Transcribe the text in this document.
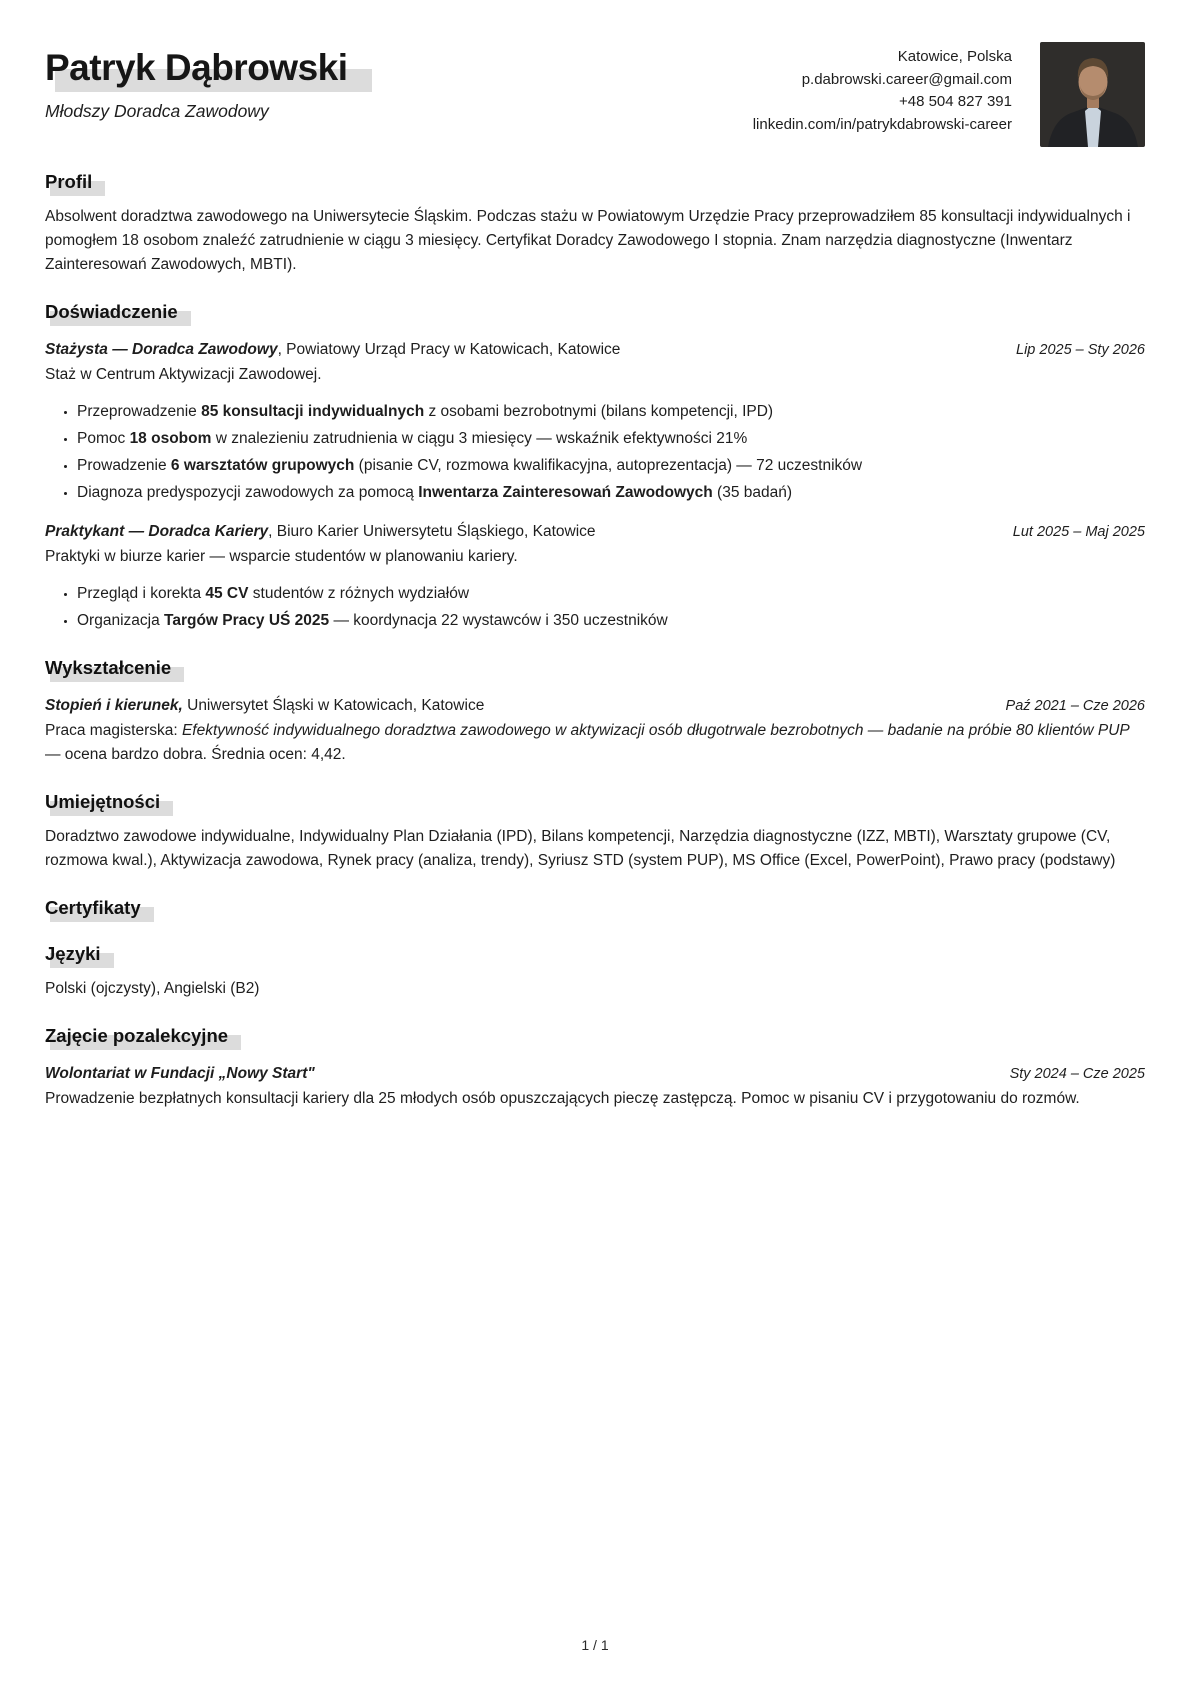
Patryk Dąbrowski
Młodszy Doradca Zawodowy
Katowice, Polska
p.dabrowski.career@gmail.com
+48 504 827 391
linkedin.com/in/patrykdabrowski-career
Profil

Absolwent doradztwa zawodowego na Uniwersytecie Śląskim. Podczas stażu w Powiatowym Urzędzie Pracy przeprowadziłem 85 konsultacji indywidualnych i pomogłem 18 osobom znaleźć zatrudnienie w ciągu 3 miesięcy. Certyfikat Doradcy Zawodowego I stopnia. Znam narzędzia diagnostyczne (Inwentarz Zainteresowań Zawodowych, MBTI).

Doświadczenie
Stażysta — Doradca Zawodowy, Powiatowy Urząd Pracy w Katowicach, Katowice	Lip 2025 – Sty 2026

Staż w Centrum Aktywizacji Zawodowej.

• Przeprowadzenie 85 konsultacji indywidualnych z osobami bezrobotnymi (bilans kompetencji, IPD)
• Pomoc 18 osobom w znalezieniu zatrudnienia w ciągu 3 miesięcy — wskaźnik efektywności 21%
• Prowadzenie 6 warsztatów grupowych (pisanie CV, rozmowa kwalifikacyjna, autoprezentacja) — 72 uczestników
• Diagnoza predyspozycji zawodowych za pomocą Inwentarza Zainteresowań Zawodowych (35 badań)
Praktykant — Doradca Kariery, Biuro Karier Uniwersytetu Śląskiego, Katowice	Lut 2025 – Maj 2025

Praktyki w biurze karier — wsparcie studentów w planowaniu kariery.

• Przegląd i korekta 45 CV studentów z różnych wydziałów
• Organizacja Targów Pracy UŚ 2025 — koordynacja 22 wystawców i 350 uczestników
Wykształcenie
Stopień i kierunek, Uniwersytet Śląski w Katowicach, Katowice	Paź 2021 – Cze 2026

Praca magisterska: Efektywność indywidualnego doradztwa zawodowego w aktywizacji osób długotrwale bezrobotnych — badanie na próbie 80 klientów PUP — ocena bardzo dobra. Średnia ocen: 4,42.

Umiejętności

Doradztwo zawodowe indywidualne, Indywidualny Plan Działania (IPD), Bilans kompetencji, Narzędzia diagnostyczne (IZZ, MBTI), Warsztaty grupowe (CV, rozmowa kwal.), Aktywizacja zawodowa, Rynek pracy (analiza, trendy), Syriusz STD (system PUP), MS Office (Excel, PowerPoint), Prawo pracy (podstawy)

Certyfikaty
Języki

Polski (ojczysty), Angielski (B2)

Zajęcie pozalekcyjne
Wolontariat w Fundacji „Nowy Start"	Sty 2024 – Cze 2025

Prowadzenie bezpłatnych konsultacji kariery dla 25 młodych osób opuszczających pieczę zastępczą. Pomoc w pisaniu CV i przygotowaniu do rozmów.

1 / 1
